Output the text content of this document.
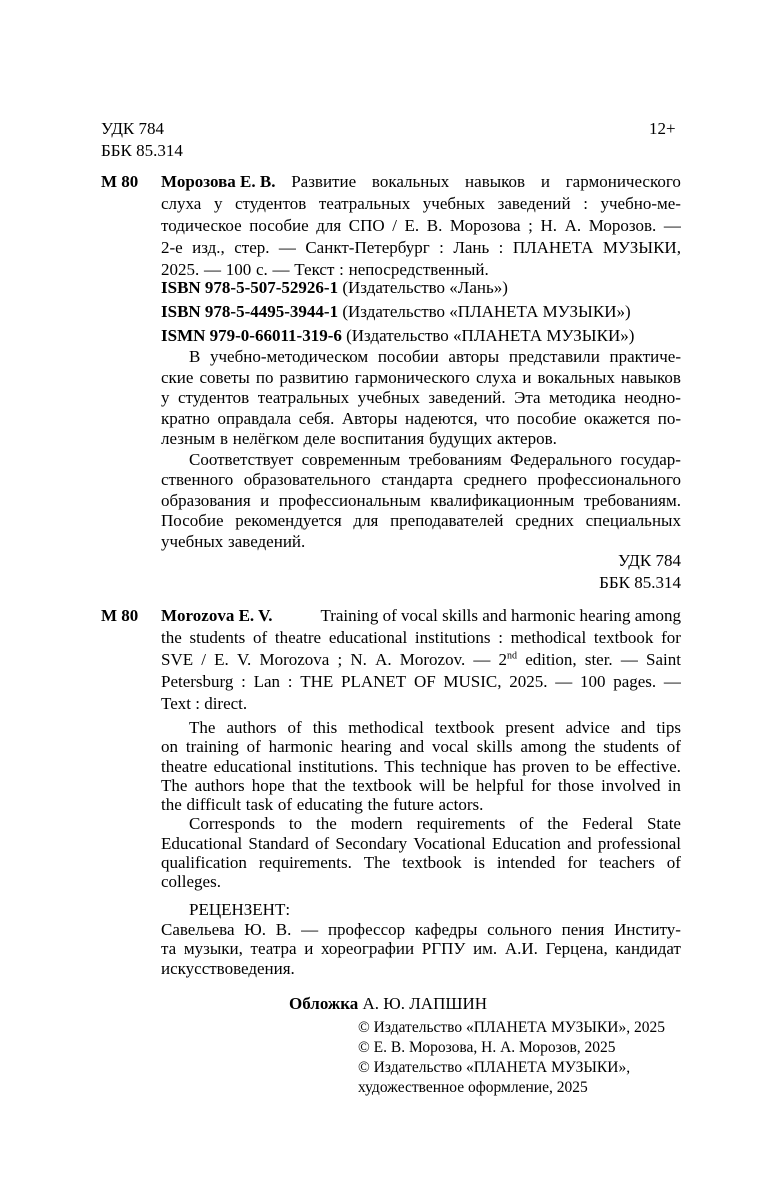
УДК 784
ББК 85.314
12+
М 80 Морозова Е. В. Развитие вокальных навыков и гармонического
слуха у студентов театральных учебных заведений : учебно-ме-
тодическое пособие для СПО / Е. В. Морозова ; Н. А. Морозов. —
2-е изд., стер. — Санкт-Петербург : Лань : ПЛАНЕТА МУЗЫКИ,
2025. — 100 с. — Текст : непосредственный.
ISBN 978-5-507-52926-1 (Издательство «Лань»)
ISBN 978-5-4495-3944-1 (Издательство «ПЛАНЕТА МУЗЫКИ»)
ISMN 979-0-66011-319-6 (Издательство «ПЛАНЕТА МУЗЫКИ»)
В учебно-методическом пособии авторы представили практиче-
ские советы по развитию гармонического слуха и вокальных навыков
у студентов театральных учебных заведений. Эта методика неодно-
кратно оправдала себя. Авторы надеются, что пособие окажется по-
лезным в нелёгком деле воспитания будущих актеров.
Соответствует современным требованиям Федерального государ-
ственного образовательного стандарта среднего профессионального
образования и профессиональным квалификационным требованиям.
Пособие рекомендуется для преподавателей средних специальных
учебных заведений.
УДК 784
ББК 85.314
M 80 Morozova E. V.	Training of vocal skills and harmonic hearing among
the students of theatre educational institutions : methodical textbook for
SVE / E. V. Morozova ; N. A. Morozov. — 2nd edition, ster. — Saint
Petersburg : Lan : THE PLANET OF MUSIC, 2025. — 100 pages. —
Text : direct.
The authors of this methodical textbook present advice and tips
on training of harmonic hearing and vocal skills among the students of
theatre educational institutions. This technique has proven to be effective.
The authors hope that the textbook will be helpful for those involved in
the difficult task of educating the future actors.
Corresponds to the modern requirements of the Federal State
Educational Standard of Secondary Vocational Education and professional
qualification requirements. The textbook is intended for teachers of
colleges.
РЕЦЕНЗЕНТ:
Савельева Ю. В. — профессор кафедры сольного пения Институ-
та музыки, театра и хореографии РГПУ им. А.И. Герцена, кандидат
искусствоведения.
Обложка А. Ю. ЛАПШИН
© Издательство «ПЛАНЕТА МУЗЫКИ», 2025
© Е. В. Морозова, Н. А. Морозов, 2025
© Издательство «ПЛАНЕТА МУЗЫКИ»,
художественное оформление, 2025
